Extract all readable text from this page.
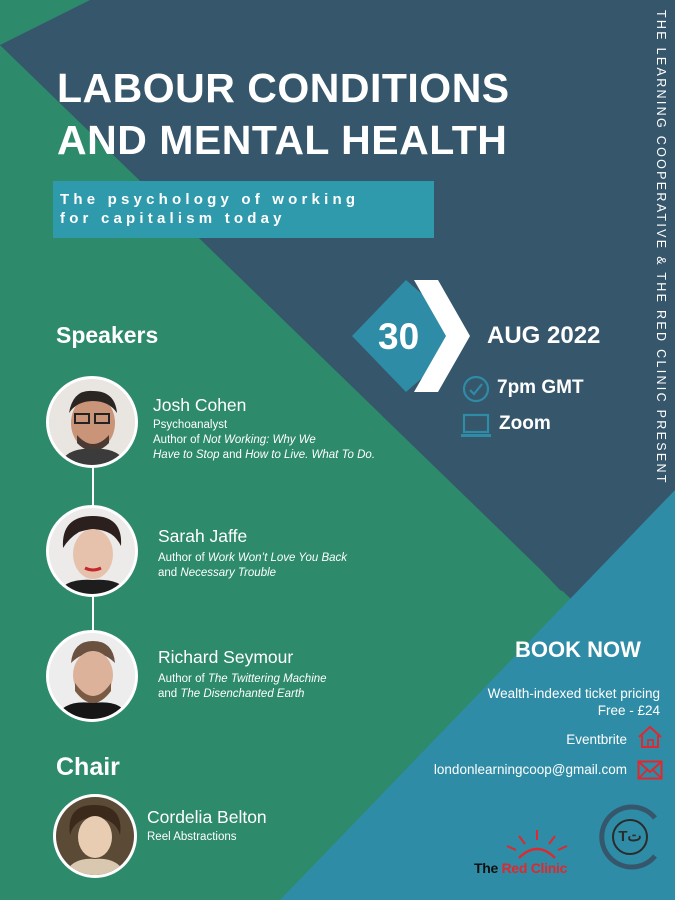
LABOUR CONDITIONS
AND MENTAL HEALTH
The psychology of working
for capitalism today	THE LEARNING COOPERATIVE & THE RED CLINIC PRESENT
30	AUG 2022
7pm GMT
Zoom
Speakers
Josh Cohen
Psychoanalyst
Author of Not Working: Why We
Have to Stop and How to Live. What To Do.
Sarah Jaffe
Author of Work Won’t Love You Back
and Necessary Trouble
Richard Seymour
Author of The Twittering Machine
and The Disenchanted Earth
Chair
Cordelia Belton
Reel Abstractions
BOOK NOW
Wealth-indexed ticket pricing
Free - £24
Eventbrite
londonlearningcoop@gmail.com
The Red Clinic
Tت
